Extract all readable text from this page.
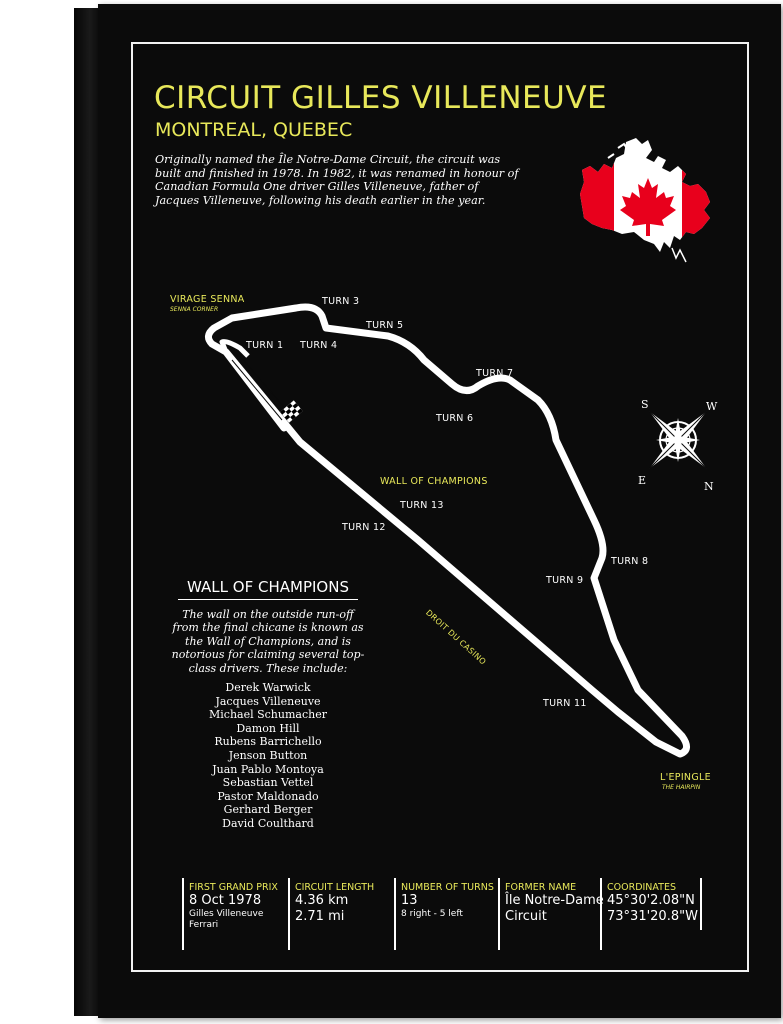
CIRCUIT GILLES VILLENEUVE
MONTREAL, QUEBEC
Originally named the Île Notre-Dame Circuit, the circuit was built and finished in 1978. In 1982, it was renamed in honour of Canadian Formula One driver Gilles Villeneuve, father of Jacques Villeneuve, following his death earlier in the year.
VIRAGE SENNA
SENNA CORNER
TURN 1
TURN 3
TURN 4
TURN 5
TURN 6
TURN 7
TURN 8
TURN 9
TURN 11
TURN 12
TURN 13
WALL OF CHAMPIONS
DROIT DU CASINO
L'EPINGLE
THE HAIRPIN
S	W
E	N
WALL OF CHAMPIONS
The wall on the outside run-off from the final chicane is known as the Wall of Champions, and is notorious for claiming several top-class drivers. These include:
Derek Warwick
Jacques Villeneuve
Michael Schumacher
Damon Hill
Rubens Barrichello
Jenson Button
Juan Pablo Montoya
Sebastian Vettel
Pastor Maldonado
Gerhard Berger
David Coulthard
FIRST GRAND PRIX
8 Oct 1978
Gilles Villeneuve
Ferrari
CIRCUIT LENGTH
4.36 km
2.71 mi
NUMBER OF TURNS
13
8 right - 5 left
FORMER NAME
Île Notre-Dame
Circuit
COORDINATES
45°30'2.08"N
73°31'20.8"W
